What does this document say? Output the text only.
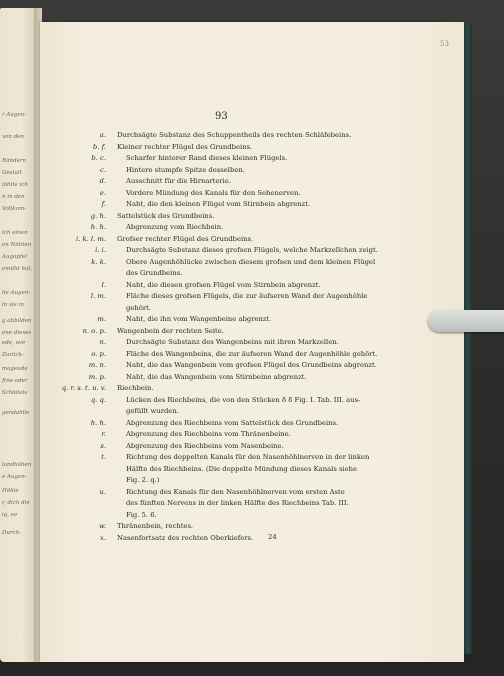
r Augen-
von den
Rändern
Gestalt
iählte ich
n in den
Vollkom-
ich einen
en Näthen
Augapfel
emüht hat,
he Augen-
in sie in
g abbilden
ene dieses
ede, wie
Zurück-
mageude
ftne oder
Schädels
gendahlle
landhöhen
e Augen-
Höhle
r, dich die
ig, so
Durch-
53
93
a. Durchsägte Substanz des Schuppentheils des rechten Schläfebeins.
b. f. Kleiner rechter Flügel des Grundbeins.
b. c.	Scharfer hinterer Rand dieses kleinen Flügels.
c.	Hintere stumpfe Spitze desselben.
d.	Ausschnitt für die Hirnarterie.
e.	Vordere Mündung des Kanals für den Sehenerven.
f.	Naht, die den kleinen Flügel vom Stirnbein abgrenzt.
g. h. Sattelstück des Grundbeins.
h. h.	Abgrenzung vom Riechbein.
i. k. l. m. Grofser rechter Flügel des Grundbeins.
i. i.	Durchsägte Substanz dieses grofsen Flügels, welche Markzellchen zeigt.
k. k.	Obere Augenhöhlücke zwischen diesem grofsen und dem kleinen Flügel
des Grundbeins.
l.	Naht, die diesen grofsen Flügel vom Stirnbein abgrenzt.
l. m.	Fläche dieses grofsen Flügels, die zur äufseren Wand der Augenhöhle
gehört.
m.	Naht, die ihn vom Wangenbeine abgrenzt.
n. o. p. Wangenbein der rechten Seite.
n.	Durchsägte Substanz des Wangenbeins mit ihren Markzellen.
o. p.	Fläche des Wangenbeins, die zur äufseren Wand der Augenhöhle gehört.
m. n.	Naht, die das Wangenbein vom grofsen Flügel des Grundbeins abgrenzt.
m. p.	Naht, die das Wangenbein vom Stirnbeine abgrenzt.
q. r. s. t. u. v. Riechbein.
q. q.	Lücken des Riechbeins, die von den Stücken δ δ Fig. I. Tab. III. aus-
gefüllt wurden.
h. h.	Abgrenzung des Riechbeins vom Sattelstück des Grundbeins.
r.	Abgrenzung des Riechbeins vom Thränenbeine.
s.	Abgrenzung des Riechbeins vom Nasenbeine.
t.	Richtung des doppelten Kanals für den Nasenhöhlnerven in der linken
Hälfte des Riechbeins. (Die doppelte Mündung dieses Kanals siehe
Fig. 2. q.)
u.	Richtung des Kanals für den Nasenhöhlnerven vom ersten Aste
des fünften Nervens in der linken Hälfte des Riechbeins Tab. III.
Fig. 5. 6.
w. Thränenbein, rechtes.
x. Nasenfortsatz des rechten Oberkiefers. 24
